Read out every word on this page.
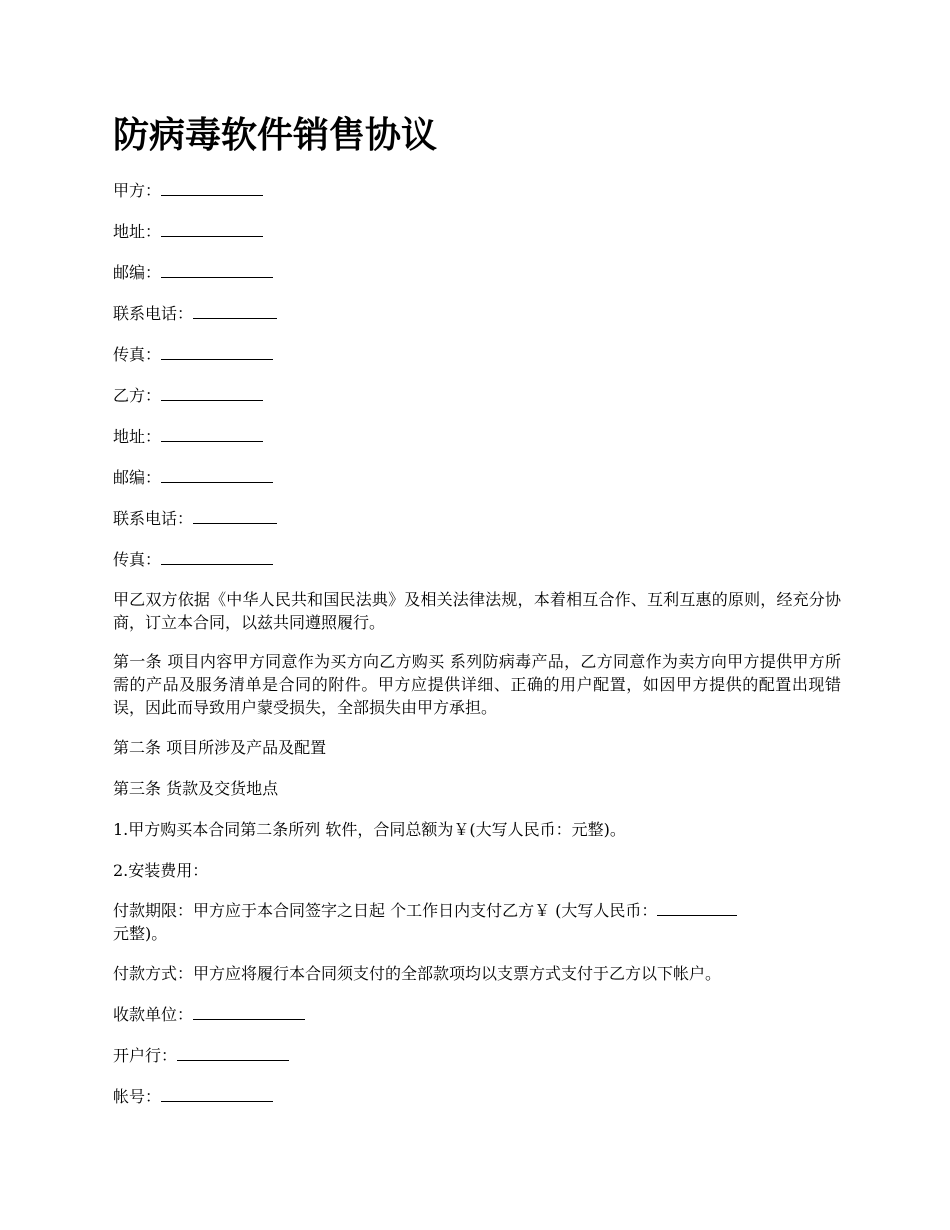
防病毒软件销售协议

甲方：

地址：

邮编：

联系电话：

传真：

乙方：

地址：

邮编：

联系电话：

传真：

甲乙双方依据《中华人民共和国民法典》及相关法律法规，本着相互合作、互利互惠的原则，经充分协商，订立本合同，以兹共同遵照履行。

第一条 项目内容甲方同意作为买方向乙方购买 系列防病毒产品，乙方同意作为卖方向甲方提供甲方所需的产品及服务清单是合同的附件。甲方应提供详细、正确的用户配置，如因甲方提供的配置出现错误，因此而导致用户蒙受损失，全部损失由甲方承担。

第二条 项目所涉及产品及配置

第三条 货款及交货地点

1.甲方购买本合同第二条所列 软件，合同总额为￥(大写人民币：元整)。

2.安装费用：

付款期限：甲方应于本合同签字之日起 个工作日内支付乙方￥ (大写人民币：
元整)。

付款方式：甲方应将履行本合同须支付的全部款项均以支票方式支付于乙方以下帐户。

收款单位：

开户行：

帐号：
